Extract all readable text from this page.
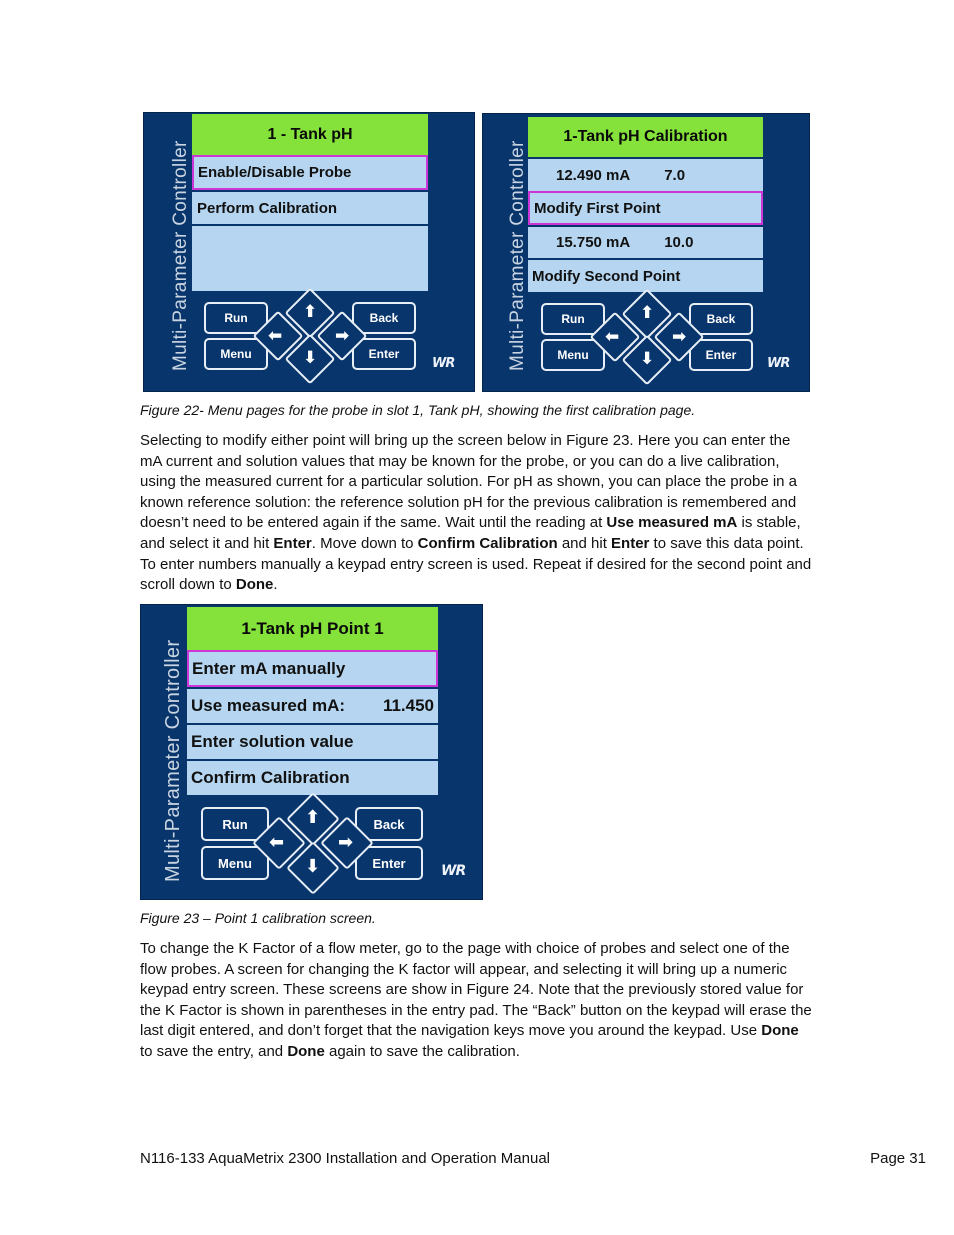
Multi-Parameter Controller
1 - Tank pH
Enable/Disable Probe
Perform Calibration
Run
Menu
Back
Enter
⬆
⬇
⬅	➡
WR	Multi-Parameter Controller
1-Tank pH Calibration
12.490 mA 7.0
Modify First Point
15.750 mA 10.0
Modify Second Point
Run
Menu
Back
Enter
⬆
⬇
⬅	➡
WR
Figure 22- Menu pages for the probe in slot 1, Tank pH, showing the first calibration page.

Selecting to modify either point will bring up the screen below in Figure 23. Here you can enter the mA current and solution values that may be known for the probe, or you can do a live calibration, using the measured current for a particular solution. For pH as shown, you can place the probe in a known reference solution: the reference solution pH for the previous calibration is remembered and doesn’t need to be entered again if the same. Wait until the reading at Use measured mA is stable, and select it and hit Enter. Move down to Confirm Calibration and hit Enter to save this data point. To enter numbers manually a keypad entry screen is used. Repeat if desired for the second point and scroll down to Done.

Multi-Parameter Controller
1-Tank pH Point 1
Enter mA manually
Use measured mA: 11.450
Enter solution value
Confirm Calibration
Run
Menu
Back
Enter
⬆
⬇
⬅	➡
WR
Figure 23 – Point 1 calibration screen.

To change the K Factor of a flow meter, go to the page with choice of probes and select one of the flow probes. A screen for changing the K factor will appear, and selecting it will bring up a numeric keypad entry screen. These screens are show in Figure 24. Note that the previously stored value for the K Factor is shown in parentheses in the entry pad. The “Back” button on the keypad will erase the last digit entered, and don’t forget that the navigation keys move you around the keypad. Use Done to save the entry, and Done again to save the calibration.

N116-133 AquaMetrix 2300 Installation and Operation Manual	Page 31
